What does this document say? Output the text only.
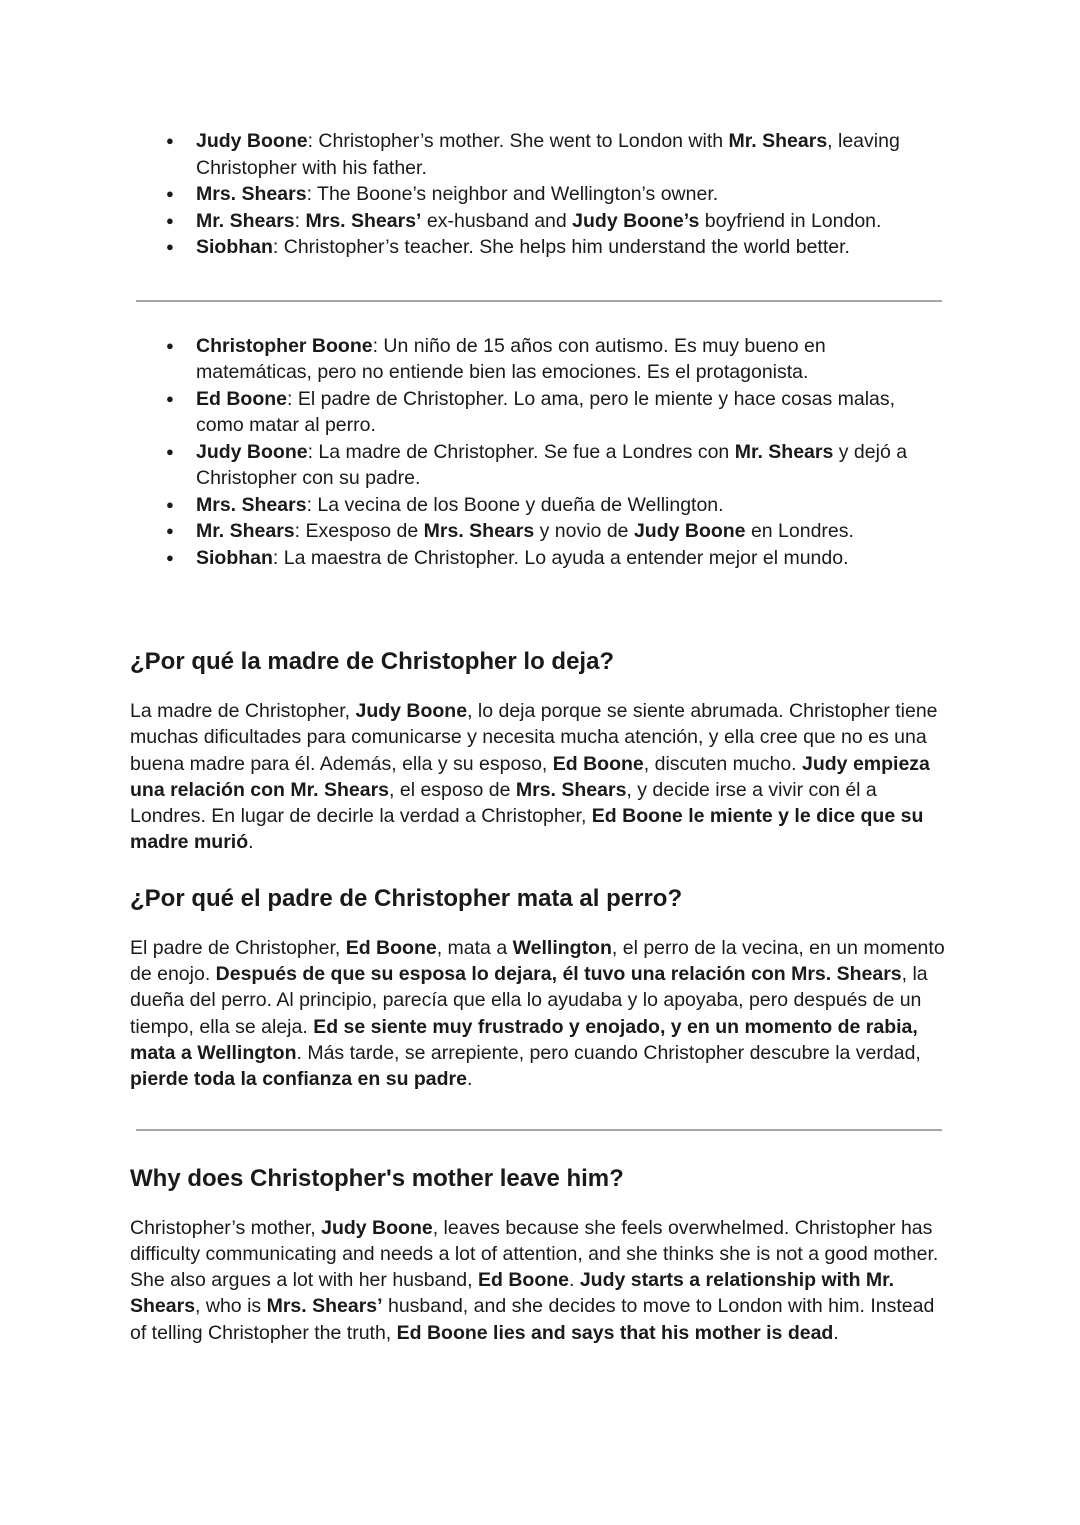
● Judy Boone: Christopher’s mother. She went to London with Mr. Shears, leaving Christopher with his father.
● Mrs. Shears: The Boone’s neighbor and Wellington’s owner.
● Mr. Shears: Mrs. Shears’ ex-husband and Judy Boone’s boyfriend in London.
● Siobhan: Christopher’s teacher. She helps him understand the world better.
● Christopher Boone: Un niño de 15 años con autismo. Es muy bueno en matemáticas, pero no entiende bien las emociones. Es el protagonista.
● Ed Boone: El padre de Christopher. Lo ama, pero le miente y hace cosas malas, como matar al perro.
● Judy Boone: La madre de Christopher. Se fue a Londres con Mr. Shears y dejó a Christopher con su padre.
● Mrs. Shears: La vecina de los Boone y dueña de Wellington.
● Mr. Shears: Exesposo de Mrs. Shears y novio de Judy Boone en Londres.
● Siobhan: La maestra de Christopher. Lo ayuda a entender mejor el mundo.
¿Por qué la madre de Christopher lo deja?

La madre de Christopher, Judy Boone, lo deja porque se siente abrumada. Christopher tiene muchas dificultades para comunicarse y necesita mucha atención, y ella cree que no es una buena madre para él. Además, ella y su esposo, Ed Boone, discuten mucho. Judy empieza una relación con Mr. Shears, el esposo de Mrs. Shears, y decide irse a vivir con él a Londres. En lugar de decirle la verdad a Christopher, Ed Boone le miente y le dice que su madre murió.

¿Por qué el padre de Christopher mata al perro?

El padre de Christopher, Ed Boone, mata a Wellington, el perro de la vecina, en un momento de enojo. Después de que su esposa lo dejara, él tuvo una relación con Mrs. Shears, la dueña del perro. Al principio, parecía que ella lo ayudaba y lo apoyaba, pero después de un tiempo, ella se aleja. Ed se siente muy frustrado y enojado, y en un momento de rabia, mata a Wellington. Más tarde, se arrepiente, pero cuando Christopher descubre la verdad, pierde toda la confianza en su padre.

Why does Christopher's mother leave him?

Christopher’s mother, Judy Boone, leaves because she feels overwhelmed. Christopher has difficulty communicating and needs a lot of attention, and she thinks she is not a good mother. She also argues a lot with her husband, Ed Boone. Judy starts a relationship with Mr. Shears, who is Mrs. Shears’ husband, and she decides to move to London with him. Instead of telling Christopher the truth, Ed Boone lies and says that his mother is dead.
